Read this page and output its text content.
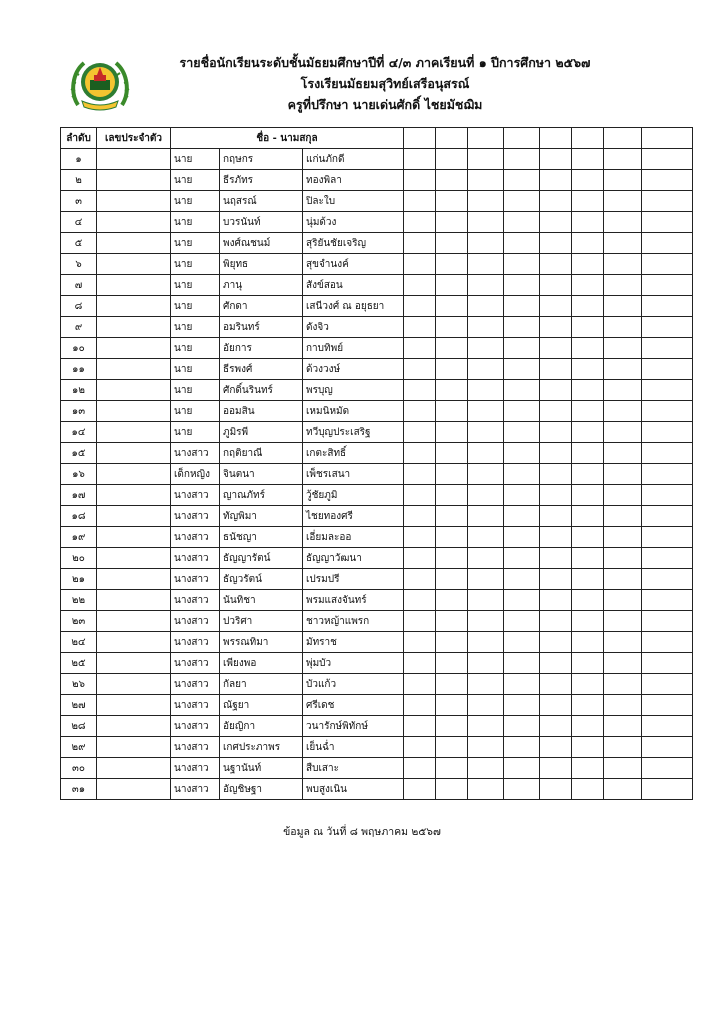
รายชื่อนักเรียนระดับชั้นมัธยมศึกษาปีที่ ๔/๓ ภาคเรียนที่ ๑ ปีการศึกษา ๒๕๖๗
โรงเรียนมัธยมสุวิทย์เสรีอนุสรณ์
ครูที่ปรึกษา นายเด่นศักดิ์ ไชยมัชฌิม
ลำดับ	เลขประจำตัว	ชื่อ - นามสกุล										
๑		นาย	กฤษกร	แก่นภักดี								
๒		นาย	ธีรภัทร	ทองพิลา								
๓		นาย	นฤสรณ์	ปิละใบ								
๔		นาย	บวรนันท์	นุ่มด้วง								
๕		นาย	พงศ์ณชนม์	สุริยันชัยเจริญ								
๖		นาย	พิยุทธ	สุขจำนงค์								
๗		นาย	ภานุ	สังข์สอน								
๘		นาย	ศักดา	เสนีวงศ์ ณ อยุธยา								
๙		นาย	อมรินทร์	ดังจิว								
๑๐		นาย	อัยการ	กาบทิพย์								
๑๑		นาย	ธีรพงศ์	ด้วงวงษ์								
๑๒		นาย	ศักดิ์นรินทร์	พรบุญ								
๑๓		นาย	ออมสิน	เหมนิหมัด								
๑๔		นาย	ภูมิรพี	ทวีบุญประเสริฐ								
๑๕		นางสาว	กฤติยาณี	เกตะสิทธิ์								
๑๖		เด็กหญิง	จินตนา	เพ็ชรเสนา								
๑๗		นางสาว	ญาณภัทร์	วู้ชัยภูมิ								
๑๘		นางสาว	ทัญพิมา	ไชยทองศรี								
๑๙		นางสาว	ธนัชญา	เอี่ยมละออ								
๒๐		นางสาว	ธัญญารัตน์	ธัญญาวัฒนา								
๒๑		นางสาว	ธัญวรัตน์	เปรมปรี								
๒๒		นางสาว	นันทิชา	พรมแสงจันทร์								
๒๓		นางสาว	ปวริศา	ชาวหญ้าแพรก								
๒๔		นางสาว	พรรณทิมา	มัทราช								
๒๕		นางสาว	เพียงพอ	พุ่มบัว								
๒๖		นางสาว	กัลยา	บัวแก้ว								
๒๗		นางสาว	ณัฐยา	ศรีเดช								
๒๘		นางสาว	อัยญิกา	วนารักษ์พิทักษ์								
๒๙		นางสาว	เกศประภาพร	เย็นฉ่ำ								
๓๐		นางสาว	นฐานันท์	สืบเสาะ								
๓๑		นางสาว	อัญชิษฐา	พบสูงเนิน								
ข้อมูล ณ วันที่ ๘ พฤษภาคม ๒๕๖๗
